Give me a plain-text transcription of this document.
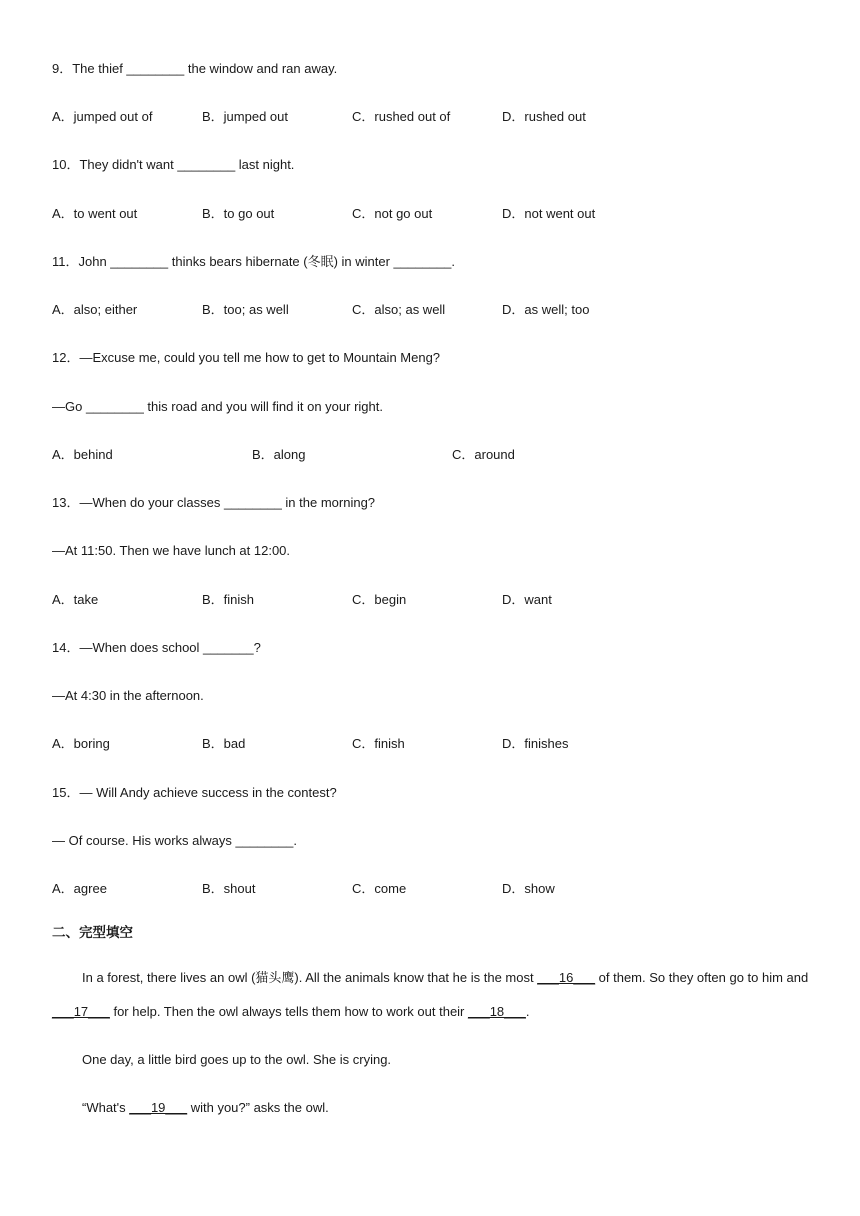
9．The thief ________ the window and ran away.
A．jumped out of	B．jumped out	C．rushed out of	D．rushed out
10．They didn't want ________ last night.
A．to went out	B．to go out	C．not go out	D．not went out
11．John ________ thinks bears hibernate (冬眠) in winter ________.
A．also; either	B．too; as well	C．also; as well	D．as well; too
12．—Excuse me, could you tell me how to get to Mountain Meng?
—Go ________ this road and you will find it on your right.
A．behind	B．along	C．around
13．—When do your classes ________ in the morning?
—At 11:50. Then we have lunch at 12:00.
A．take	B．finish	C．begin	D．want
14．—When does school _______?
—At 4:30 in the afternoon.
A．boring	B．bad	C．finish	D．finishes
15．— Will Andy achieve success in the contest?
— Of course. His works always ________.
A．agree	B．shout	C．come	D．show
二、完型填空
In a forest, there lives an owl (猫头鹰). All the animals know that he is the most ___16___ of them. So they often go to him and ___17___ for help. Then the owl always tells them how to work out their ___18___.
One day, a little bird goes up to the owl. She is crying.
“What's ___19___ with you?” asks the owl.
